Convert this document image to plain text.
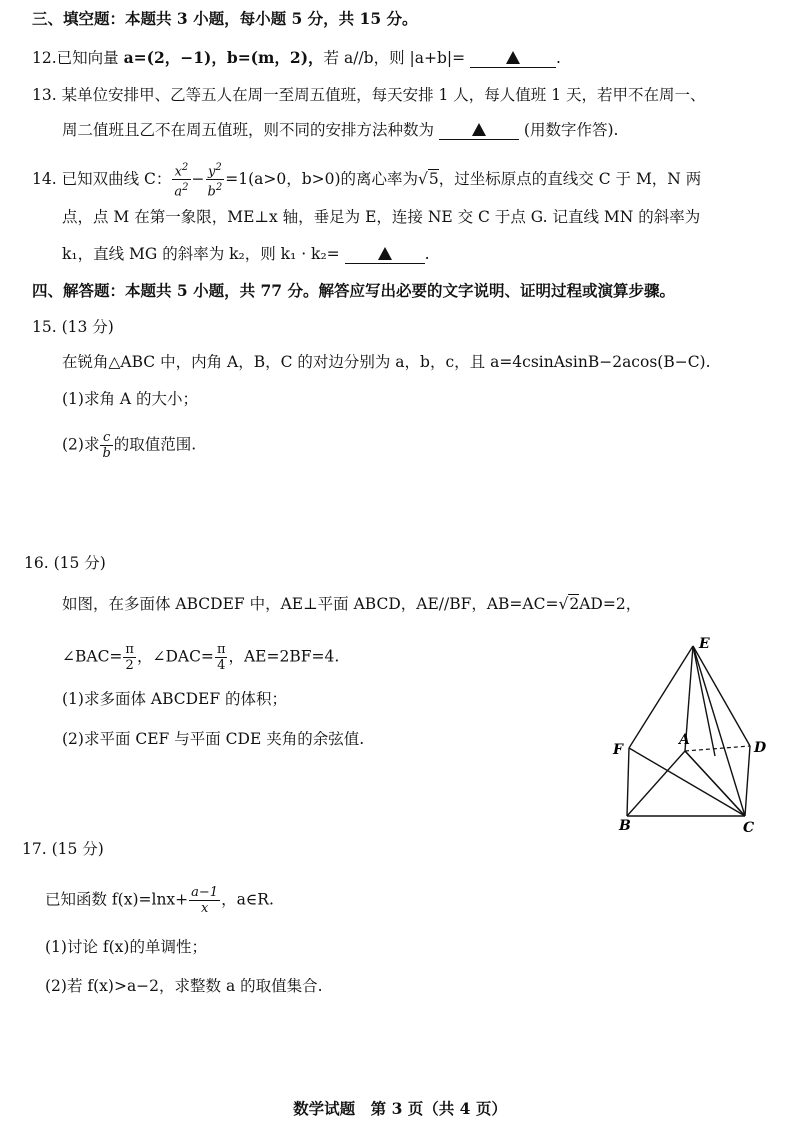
三、填空题：本题共 3 小题，每小题 5 分，共 15 分。
12.已知向量 a=(2，−1)，b=(m，2)，若 a//b，则 |a+b|=	.
13. 某单位安排甲、乙等五人在周一至周五值班，每天安排 1 人，每人值班 1 天，若甲不在周一、
周二值班且乙不在周五值班，则不同的安排方法种数为	(用数字作答).
14. 已知双曲线 C： $\frac{x^2}{a^2} - \frac{y^2}{b^2} =1(a>0$，b>0)的离心率为√5，过坐标原点的直线交 C 于 M，N 两
点，点 M 在第一象限，ME⊥x 轴，垂足为 E，连接 NE 交 C 于点 G. 记直线 MN 的斜率为
k₁，直线 MG 的斜率为 k₂，则 k₁ · k₂=	.
四、解答题：本题共 5 小题，共 77 分。解答应写出必要的文字说明、证明过程或演算步骤。
15. (13 分)
在锐角△ABC 中，内角 A，B，C 的对边分别为 a，b，c，且 a=4csinAsinB−2acos(B−C).
(1)求角 A 的大小；
(2)求 $\frac{c}{b}$ 的取值范围.
16. (15 分)
如图，在多面体 ABCDEF 中，AE⊥平面 ABCD，AE//BF，AB=AC=√2AD=2，
∠BAC= $\frac{\pi}{2}$ ，∠DAC= $\frac{\pi}{4}$ ，AE=2BF=4.
(1)求多面体 ABCDEF 的体积；
(2)求平面 CEF 与平面 CDE 夹角的余弦值.
E
F
A	D
B	C
17. (15 分)
已知函数 $f(x)=\ln x+ \frac{a-1}{x}$ ，a∈R.
(1)讨论 f(x)的单调性；
(2)若 f(x)>a−2，求整数 a 的取值集合.
数学试题　第 3 页（共 4 页）
